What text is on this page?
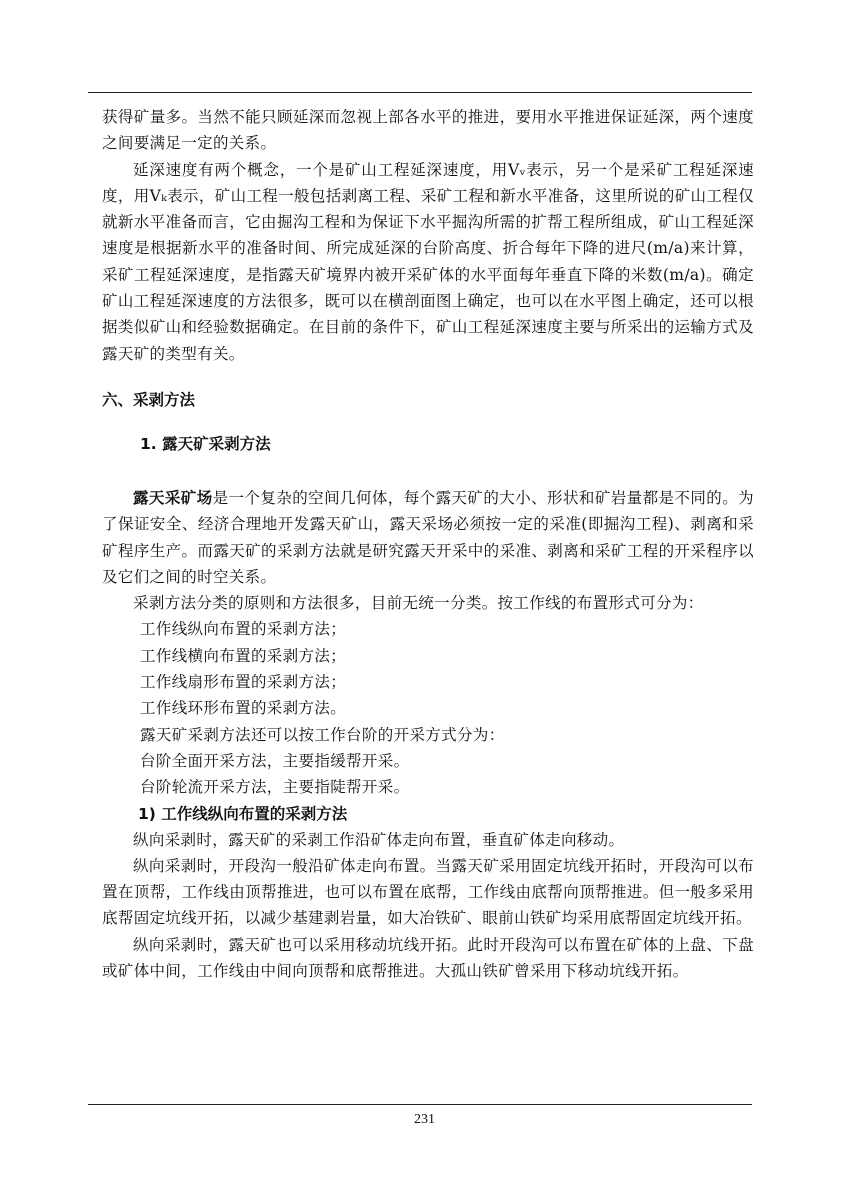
获得矿量多。当然不能只顾延深而忽视上部各水平的推进，要用水平推进保证延深，两个速度之间要满足一定的关系。

延深速度有两个概念，一个是矿山工程延深速度，用Vᵥ表示，另一个是采矿工程延深速度，用Vₖ表示，矿山工程一般包括剥离工程、采矿工程和新水平准备，这里所说的矿山工程仅就新水平准备而言，它由掘沟工程和为保证下水平掘沟所需的扩帮工程所组成，矿山工程延深速度是根据新水平的准备时间、所完成延深的台阶高度、折合每年下降的进尺(m/a)来计算，采矿工程延深速度，是指露天矿境界内被开采矿体的水平面每年垂直下降的米数(m/a)。确定矿山工程延深速度的方法很多，既可以在横剖面图上确定，也可以在水平图上确定，还可以根据类似矿山和经验数据确定。在目前的条件下，矿山工程延深速度主要与所采出的运输方式及露天矿的类型有关。

六、采剥方法
1. 露天矿采剥方法

露天采矿场是一个复杂的空间几何体，每个露天矿的大小、形状和矿岩量都是不同的。为了保证安全、经济合理地开发露天矿山，露天采场必须按一定的采准(即掘沟工程)、剥离和采矿程序生产。而露天矿的采剥方法就是研究露天开采中的采准、剥离和采矿工程的开采程序以及它们之间的时空关系。

采剥方法分类的原则和方法很多，目前无统一分类。按工作线的布置形式可分为：

工作线纵向布置的采剥方法；

工作线横向布置的采剥方法；

工作线扇形布置的采剥方法；

工作线环形布置的采剥方法。

露天矿采剥方法还可以按工作台阶的开采方式分为：

台阶全面开采方法，主要指缓帮开采。

台阶轮流开采方法，主要指陡帮开采。

1) 工作线纵向布置的采剥方法

纵向采剥时，露天矿的采剥工作沿矿体走向布置，垂直矿体走向移动。

纵向采剥时，开段沟一般沿矿体走向布置。当露天矿采用固定坑线开拓时，开段沟可以布置在顶帮，工作线由顶帮推进，也可以布置在底帮，工作线由底帮向顶帮推进。但一般多采用底帮固定坑线开拓，以减少基建剥岩量，如大冶铁矿、眼前山铁矿均采用底帮固定坑线开拓。

纵向采剥时，露天矿也可以采用移动坑线开拓。此时开段沟可以布置在矿体的上盘、下盘或矿体中间，工作线由中间向顶帮和底帮推进。大孤山铁矿曾采用下移动坑线开拓。

231
